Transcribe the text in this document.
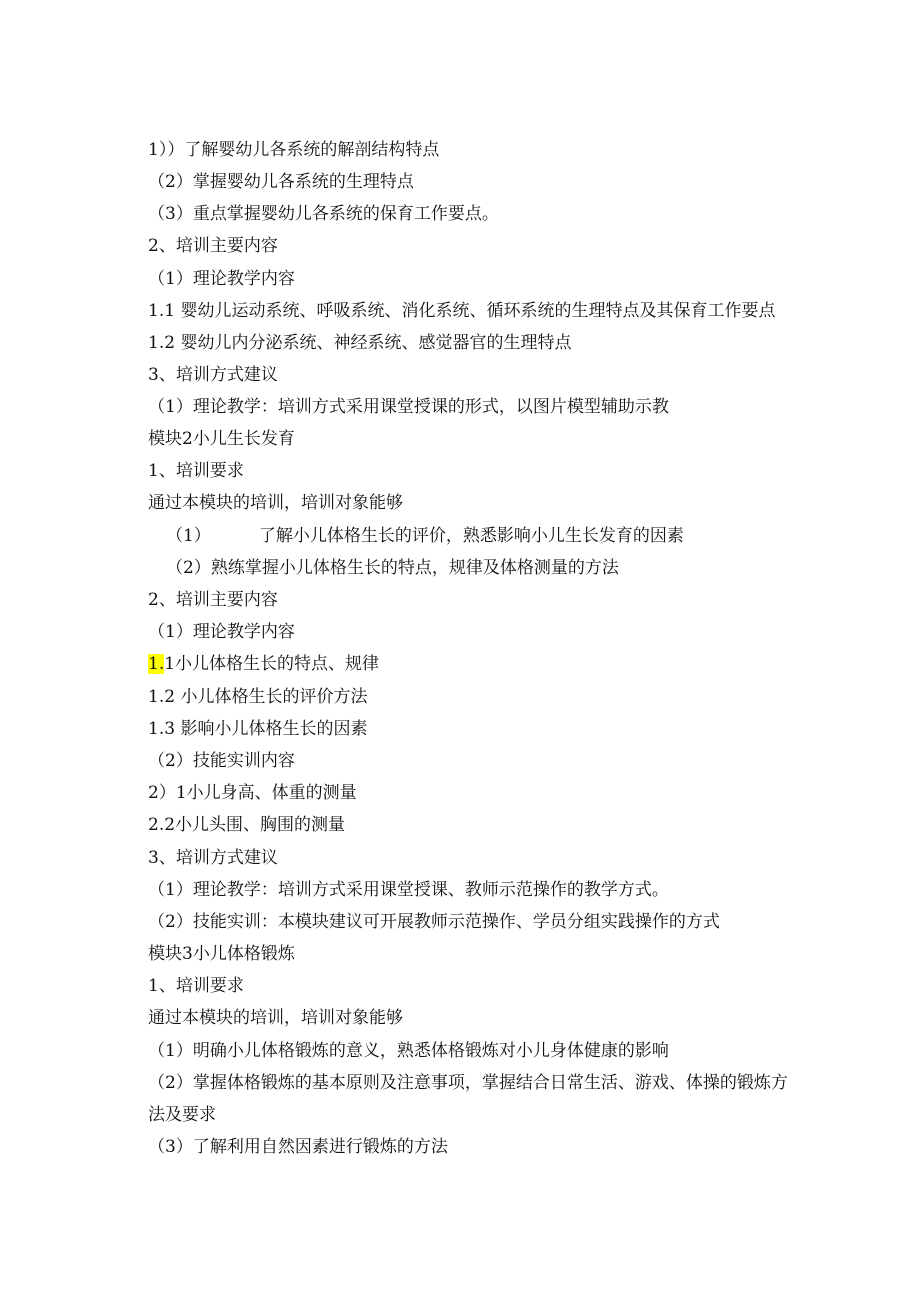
1））了解婴幼儿各系统的解剖结构特点
（2）掌握婴幼儿各系统的生理特点
（3）重点掌握婴幼儿各系统的保育工作要点。
2、培训主要内容
（1）理论教学内容
1.1 婴幼儿运动系统、呼吸系统、消化系统、循环系统的生理特点及其保育工作要点
1.2 婴幼儿内分泌系统、神经系统、感觉器官的生理特点
3、培训方式建议
（1）理论教学：培训方式采用课堂授课的形式，以图片模型辅助示教
模块2小儿生长发育
1、培训要求
通过本模块的培训，培训对象能够
（1）	了解小儿体格生长的评价，熟悉影响小儿生长发育的因素
（2）熟练掌握小儿体格生长的特点，规律及体格测量的方法
2、培训主要内容
（1）理论教学内容
1.1小儿体格生长的特点、规律
1.2 小儿体格生长的评价方法
1.3 影响小儿体格生长的因素
（2）技能实训内容
2）1小儿身高、体重的测量
2.2小儿头围、胸围的测量
3、培训方式建议
（1）理论教学：培训方式采用课堂授课、教师示范操作的教学方式。
（2）技能实训：本模块建议可开展教师示范操作、学员分组实践操作的方式
模块3小儿体格锻炼
1、培训要求
通过本模块的培训，培训对象能够
（1）明确小儿体格锻炼的意义，熟悉体格锻炼对小儿身体健康的影响
（2）掌握体格锻炼的基本原则及注意事项，掌握结合日常生活、游戏、体操的锻炼方
法及要求
（3）了解利用自然因素进行锻炼的方法
